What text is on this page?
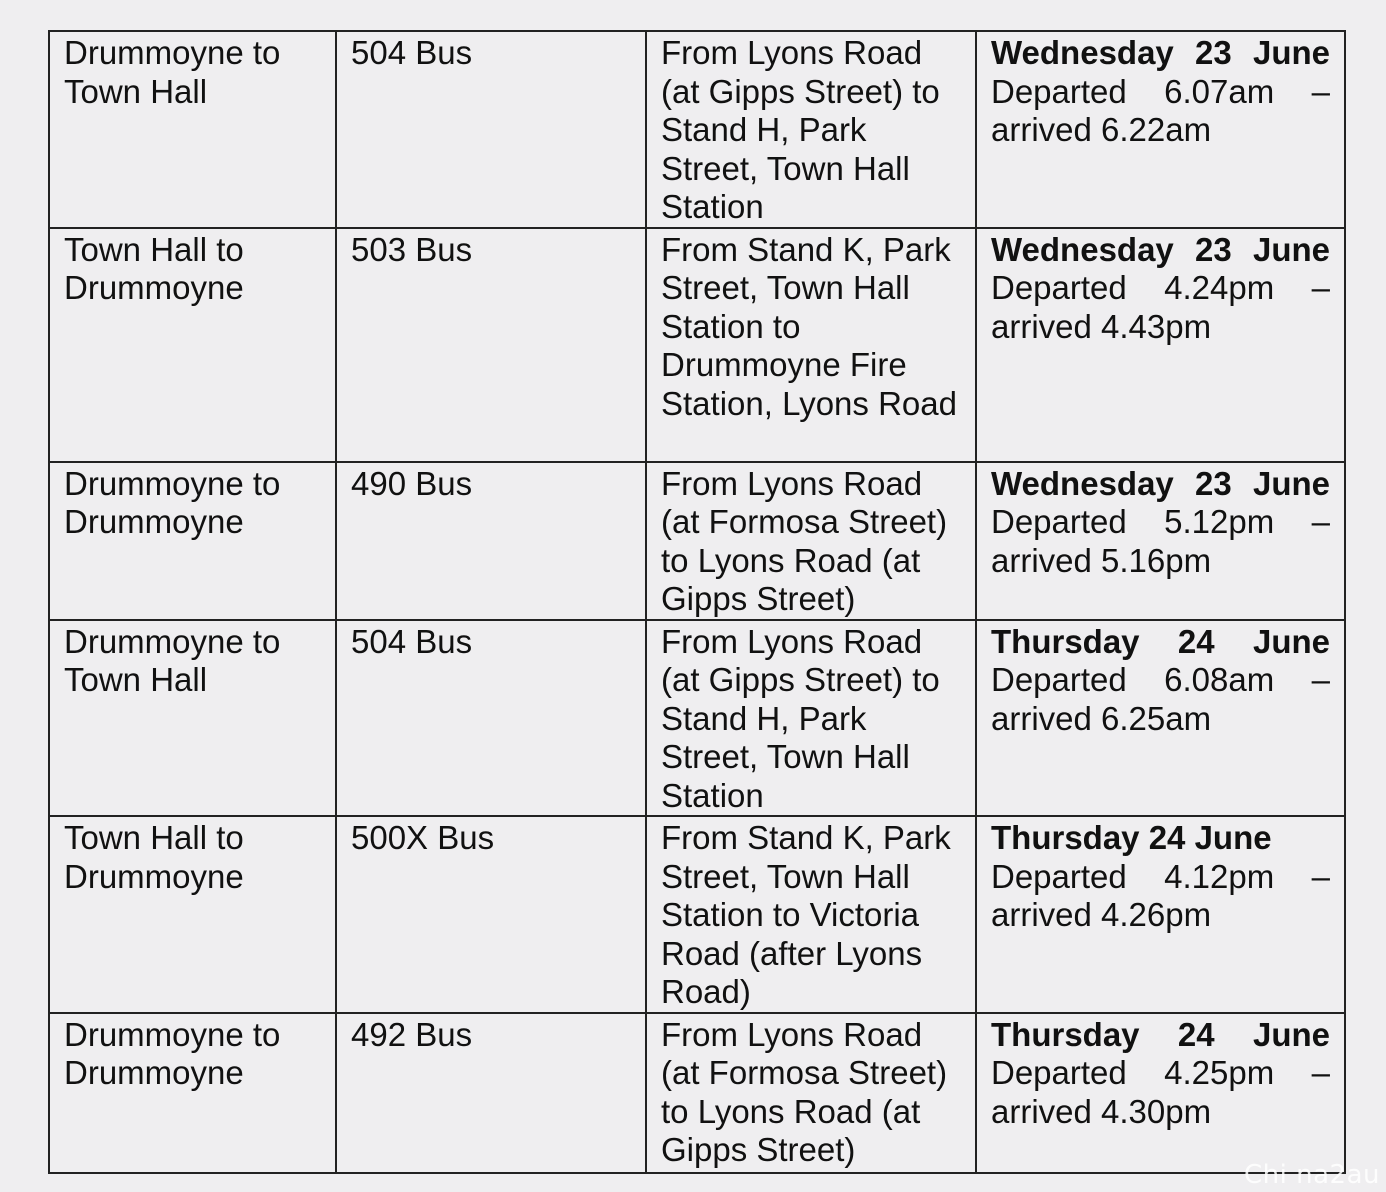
Drummoyne to Town Hall	504 Bus	From Lyons Road (at Gipps Street) to Stand H, Park Street, Town Hall Station	Wednesday 23 June
Departed 6.07am –
arrived 6.22am

Town Hall to Drummoyne	503 Bus	From Stand K, Park Street, Town Hall Station to Drummoyne Fire Station, Lyons Road	Wednesday 23 June
Departed 4.24pm –
arrived 4.43pm

Drummoyne to Drummoyne	490 Bus	From Lyons Road (at Formosa Street) to Lyons Road (at Gipps Street)	Wednesday 23 June
Departed 5.12pm –
arrived 5.16pm

Drummoyne to Town Hall	504 Bus	From Lyons Road (at Gipps Street) to Stand H, Park Street, Town Hall Station	Thursday 24 June
Departed 6.08am –
arrived 6.25am

Town Hall to Drummoyne	500X Bus	From Stand K, Park Street, Town Hall Station to Victoria Road (after Lyons Road)	Thursday 24 June
Departed 4.12pm –
arrived 4.26pm

Drummoyne to Drummoyne	492 Bus	From Lyons Road (at Formosa Street) to Lyons Road (at Gipps Street)	Thursday 24 June
Departed 4.25pm –
arrived 4.30pm
Chi na2au
